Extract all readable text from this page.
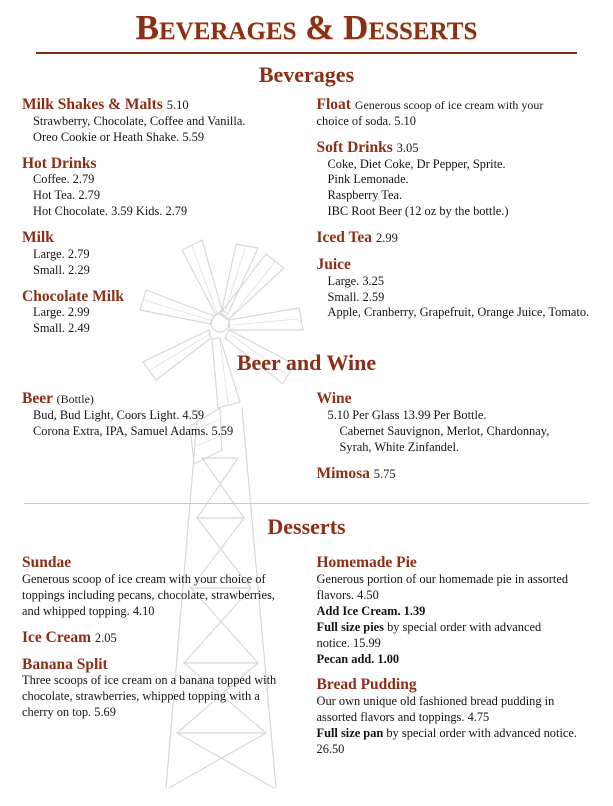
Beverages & Desserts
Beverages
Milk Shakes & Malts 5.10
Strawberry, Chocolate, Coffee and Vanilla.
Oreo Cookie or Heath Shake. 5.59
Hot Drinks
Coffee. 2.79
Hot Tea. 2.79
Hot Chocolate. 3.59 Kids. 2.79
Milk
Large. 2.79
Small. 2.29
Chocolate Milk
Large. 2.99
Small. 2.49
Float Generous scoop of ice cream with your
choice of soda. 5.10
Soft Drinks 3.05
Coke, Diet Coke, Dr Pepper, Sprite.
Pink Lemonade.
Raspberry Tea.
IBC Root Beer (12 oz by the bottle.)
Iced Tea 2.99
Juice
Large. 3.25
Small. 2.59
Apple, Cranberry, Grapefruit, Orange Juice, Tomato.
Beer and Wine
Beer (Bottle)
Bud, Bud Light, Coors Light. 4.59
Corona Extra, IPA, Samuel Adams. 5.59
Wine
5.10 Per Glass 13.99 Per Bottle.
Cabernet Sauvignon, Merlot, Chardonnay,
Syrah, White Zinfandel.
Mimosa 5.75
Desserts
Sundae
Generous scoop of ice cream with your choice of
toppings including pecans, chocolate, strawberries,
and whipped topping. 4.10
Ice Cream 2.05
Banana Split
Three scoops of ice cream on a banana topped with
chocolate, strawberries, whipped topping with a
cherry on top. 5.69
Homemade Pie
Generous portion of our homemade pie in assorted
flavors. 4.50
Add Ice Cream. 1.39
Full size pies by special order with advanced
notice. 15.99
Pecan add. 1.00
Bread Pudding
Our own unique old fashioned bread pudding in
assorted flavors and toppings. 4.75
Full size pan by special order with advanced notice.
26.50
